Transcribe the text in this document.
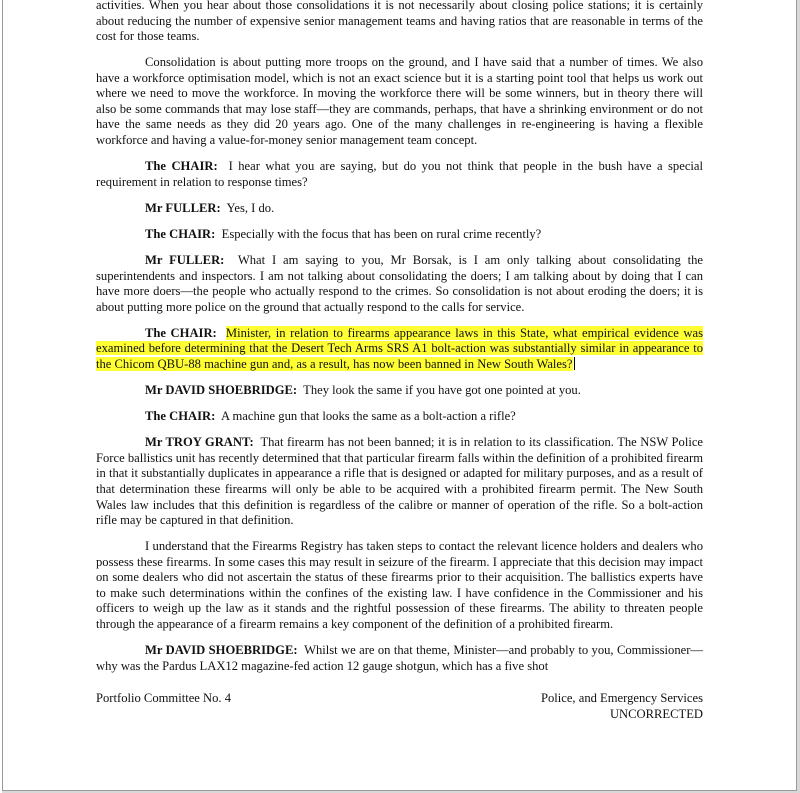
activities. When you hear about those consolidations it is not necessarily about closing police stations; it is certainly about reducing the number of expensive senior management teams and having ratios that are reasonable in terms of the cost for those teams.

Consolidation is about putting more troops on the ground, and I have said that a number of times. We also have a workforce optimisation model, which is not an exact science but it is a starting point tool that helps us work out where we need to move the workforce. In moving the workforce there will be some winners, but in theory there will also be some commands that may lose staff—they are commands, perhaps, that have a shrinking environment or do not have the same needs as they did 20 years ago. One of the many challenges in re-engineering is having a flexible workforce and having a value-for-money senior management team concept.

The CHAIR: I hear what you are saying, but do you not think that people in the bush have a special requirement in relation to response times?

Mr FULLER: Yes, I do.

The CHAIR: Especially with the focus that has been on rural crime recently?

Mr FULLER: What I am saying to you, Mr Borsak, is I am only talking about consolidating the superintendents and inspectors. I am not talking about consolidating the doers; I am talking about by doing that I can have more doers—the people who actually respond to the crimes. So consolidation is not about eroding the doers; it is about putting more police on the ground that actually respond to the calls for service.

The CHAIR: Minister, in relation to firearms appearance laws in this State, what empirical evidence was examined before determining that the Desert Tech Arms SRS A1 bolt-action was substantially similar in appearance to the Chicom QBU-88 machine gun and, as a result, has now been banned in New South Wales?

Mr DAVID SHOEBRIDGE: They look the same if you have got one pointed at you.

The CHAIR: A machine gun that looks the same as a bolt-action a rifle?

Mr TROY GRANT: That firearm has not been banned; it is in relation to its classification. The NSW Police Force ballistics unit has recently determined that that particular firearm falls within the definition of a prohibited firearm in that it substantially duplicates in appearance a rifle that is designed or adapted for military purposes, and as a result of that determination these firearms will only be able to be acquired with a prohibited firearm permit. The New South Wales law includes that this definition is regardless of the calibre or manner of operation of the rifle. So a bolt-action rifle may be captured in that definition.

I understand that the Firearms Registry has taken steps to contact the relevant licence holders and dealers who possess these firearms. In some cases this may result in seizure of the firearm. I appreciate that this decision may impact on some dealers who did not ascertain the status of these firearms prior to their acquisition. The ballistics experts have to make such determinations within the confines of the existing law. I have confidence in the Commissioner and his officers to weigh up the law as it stands and the rightful possession of these firearms. The ability to threaten people through the appearance of a firearm remains a key component of the definition of a prohibited firearm.

Mr DAVID SHOEBRIDGE: Whilst we are on that theme, Minister—and probably to you, Commissioner—why was the Pardus LAX12 magazine-fed action 12 gauge shotgun, which has a five shot

Portfolio Committee No. 4	Police, and Emergency Services
UNCORRECTED
